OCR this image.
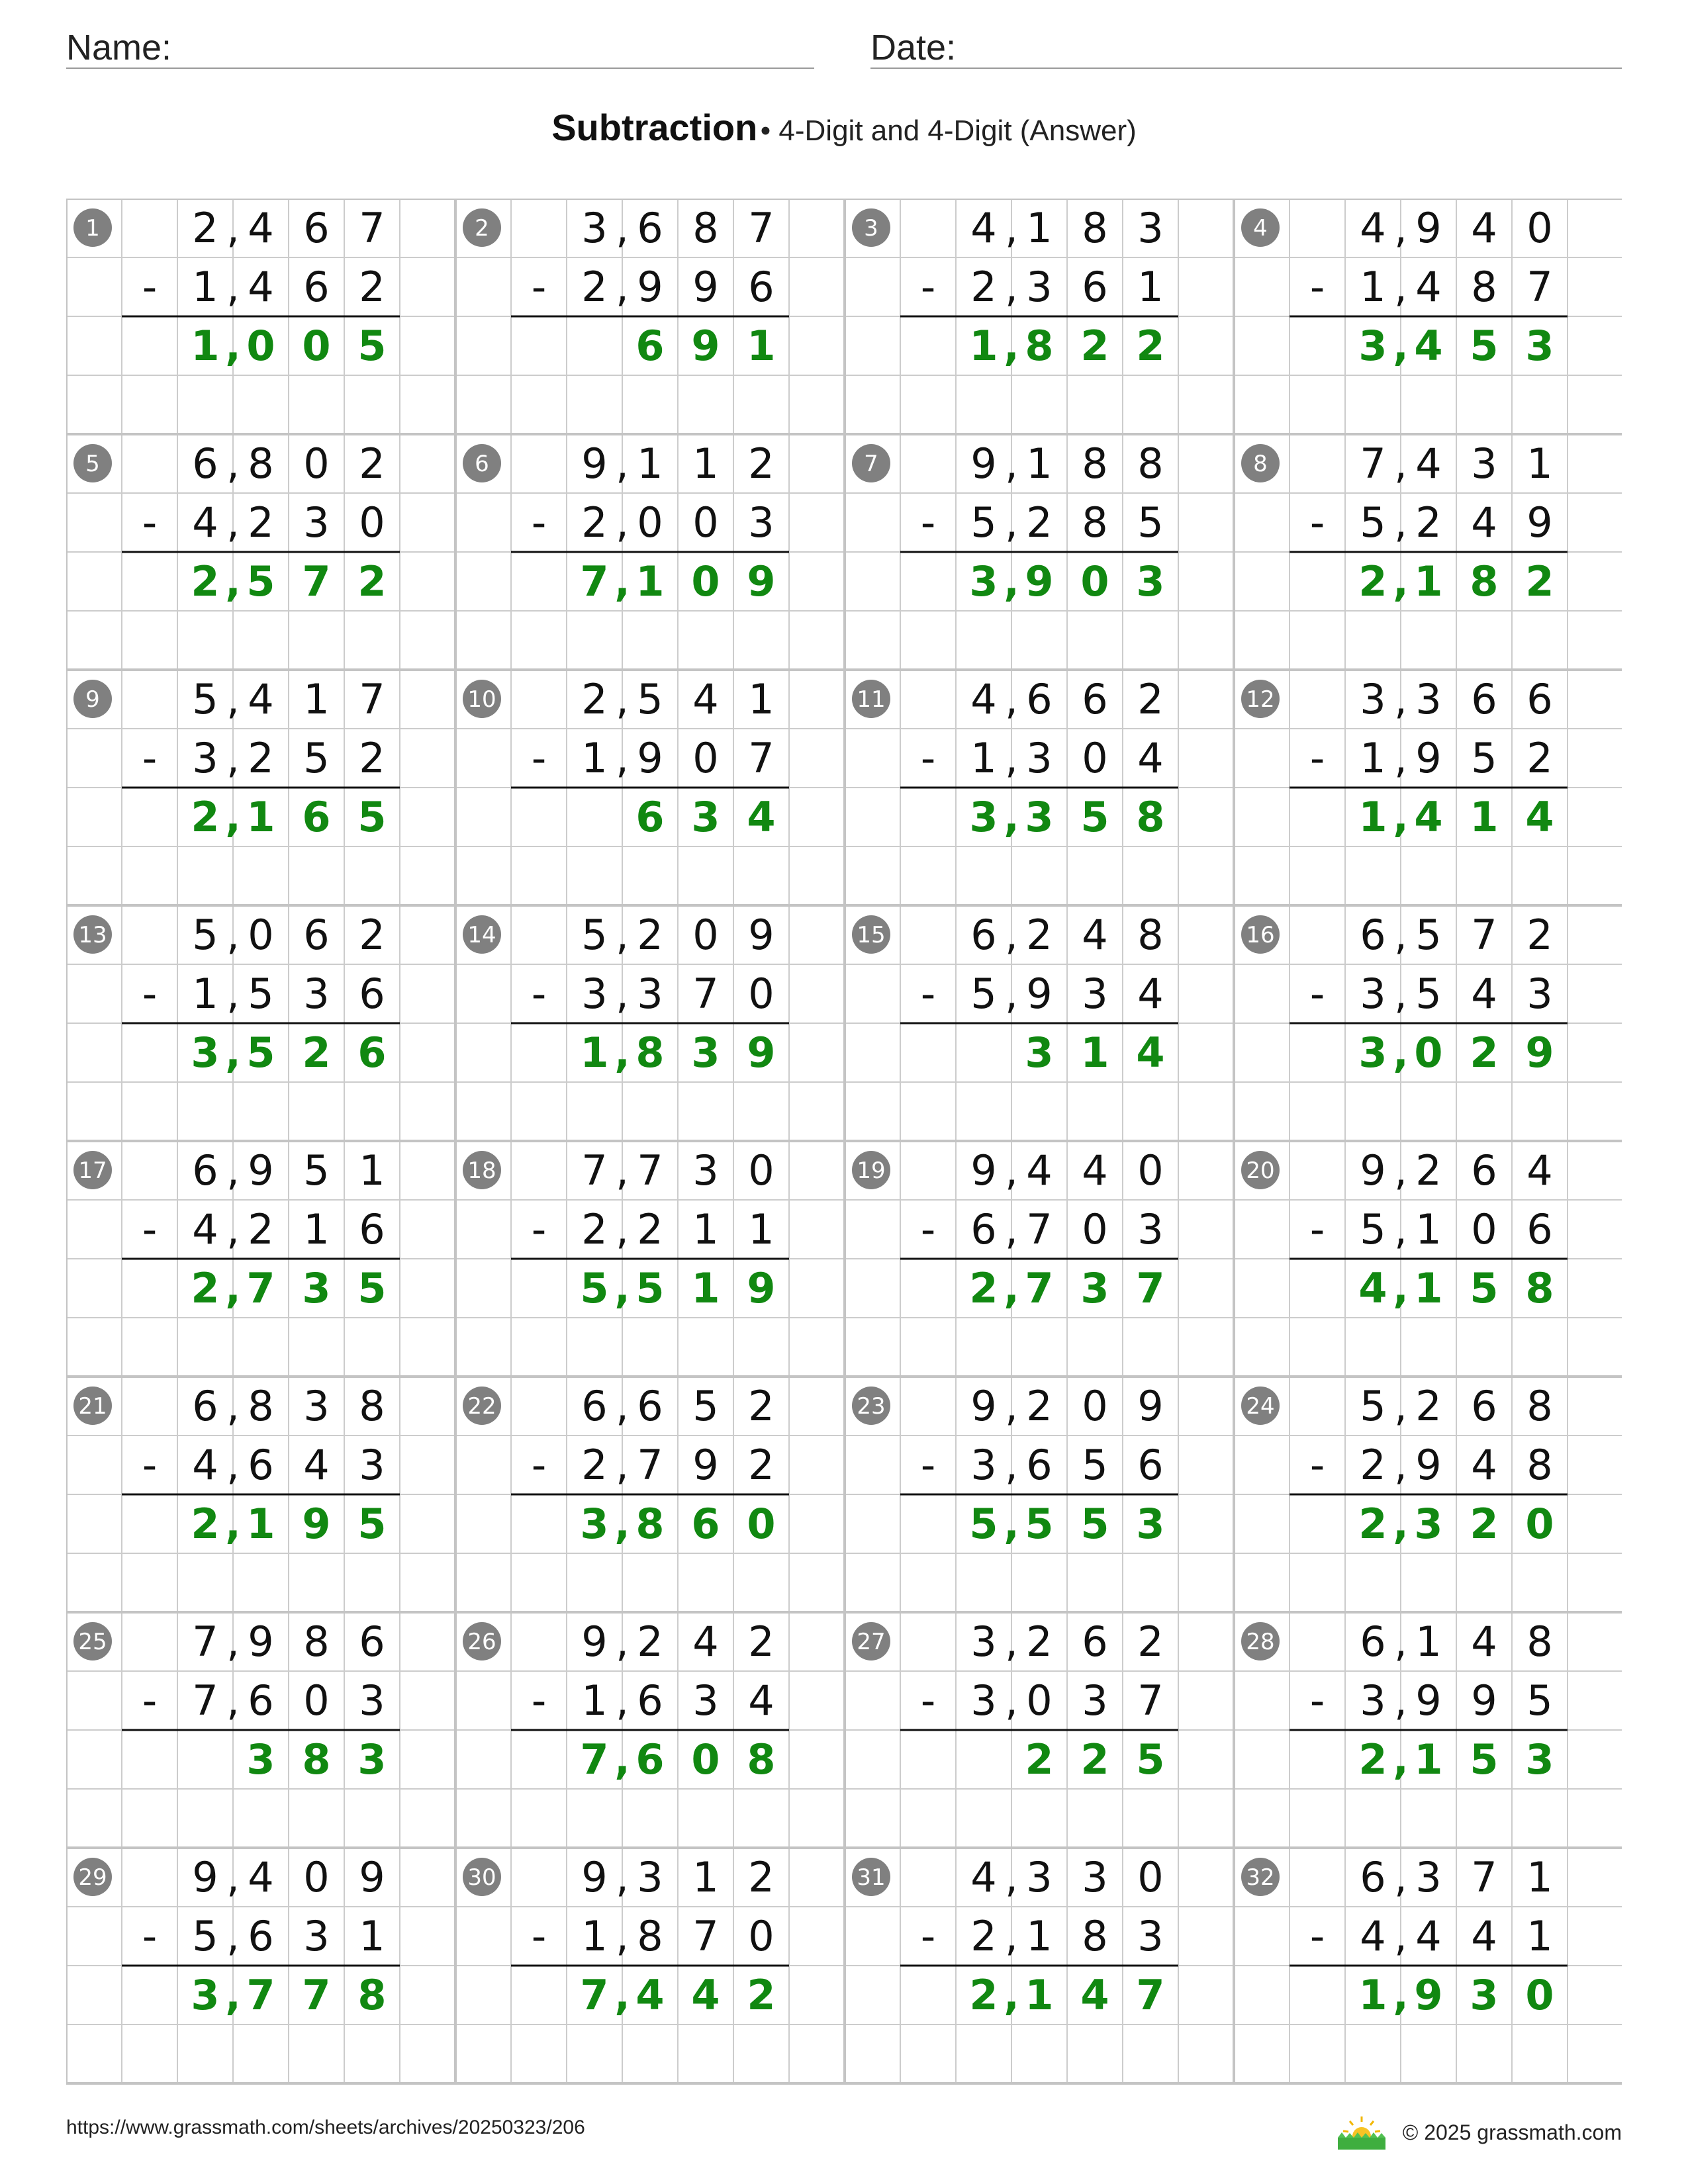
Name:	Date:
Subtraction • 4-Digit and 4-Digit (Answer)
1 2 4 6 7
,
1 4 6 2
,
-
1 0 0 5
,
2 3 6 8 7
,
2 9 9 6
,
-
6 9 1
3 4 1 8 3
,
2 3 6 1
,
-
1 8 2 2
,
4 4 9 4 0
,
1 4 8 7
,
-
3 4 5 3
,
5 6 8 0 2
,
4 2 3 0
,
-
2 5 7 2
,
6 9 1 1 2
,
2 0 0 3
,
-
7 1 0 9
,
7 9 1 8 8
,
5 2 8 5
,
-
3 9 0 3
,
8 7 4 3 1
,
5 2 4 9
,
-
2 1 8 2
,
9 5 4 1 7
,
3 2 5 2
,
-
2 1 6 5
,
10 2 5 4 1
,
1 9 0 7
,
-
6 3 4
11 4 6 6 2
,
1 3 0 4
,
-
3 3 5 8
,
12 3 3 6 6
,
1 9 5 2
,
-
1 4 1 4
,
13 5 0 6 2
,
1 5 3 6
,
-
3 5 2 6
,
14 5 2 0 9
,
3 3 7 0
,
-
1 8 3 9
,
15 6 2 4 8
,
5 9 3 4
,
-
3 1 4
16 6 5 7 2
,
3 5 4 3
,
-
3 0 2 9
,
17 6 9 5 1
,
4 2 1 6
,
-
2 7 3 5
,
18 7 7 3 0
,
2 2 1 1
,
-
5 5 1 9
,
19 9 4 4 0
,
6 7 0 3
,
-
2 7 3 7
,
20 9 2 6 4
,
5 1 0 6
,
-
4 1 5 8
,
21 6 8 3 8
,
4 6 4 3
,
-
2 1 9 5
,
22 6 6 5 2
,
2 7 9 2
,
-
3 8 6 0
,
23 9 2 0 9
,
3 6 5 6
,
-
5 5 5 3
,
24 5 2 6 8
,
2 9 4 8
,
-
2 3 2 0
,
25 7 9 8 6
,
7 6 0 3
,
-
3 8 3
26 9 2 4 2
,
1 6 3 4
,
-
7 6 0 8
,
27 3 2 6 2
,
3 0 3 7
,
-
2 2 5
28 6 1 4 8
,
3 9 9 5
,
-
2 1 5 3
,
29 9 4 0 9
,
5 6 3 1
,
-
3 7 7 8
,
30 9 3 1 2
,
1 8 7 0
,
-
7 4 4 2
,
31 4 3 3 0
,
2 1 8 3
,
-
2 1 4 7
,
32 6 3 7 1
,
4 4 4 1
,
-
1 9 3 0
,
https://www.grassmath.com/sheets/archives/20250323/206	© 2025 grassmath.com
